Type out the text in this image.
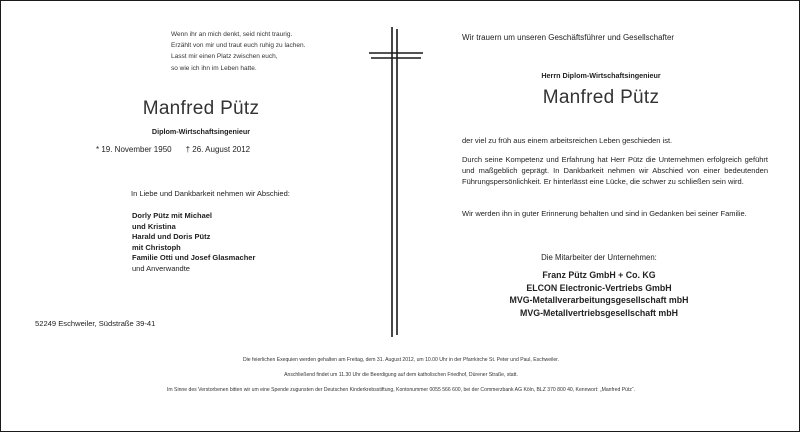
Wenn ihr an mich denkt, seid nicht traurig.
Erzählt von mir und traut euch ruhig zu lachen.
Lasst mir einen Platz zwischen euch,
so wie ich ihn im Leben hatte.
Manfred Pütz
Diplom-Wirtschaftsingenieur
* 19. November 1950 † 26. August 2012
In Liebe und Dankbarkeit nehmen wir Abschied:
Dorly Pütz mit Michael
und Kristina
Harald und Doris Pütz
mit Christoph
Familie Otti und Josef Glasmacher
und Anverwandte
52249 Eschweiler, Südstraße 39-41
Wir trauern um unseren Geschäftsführer und Gesellschafter
Herrn Diplom-Wirtschaftsingenieur
Manfred Pütz
der viel zu früh aus einem arbeitsreichen Leben geschieden ist.
Durch seine Kompetenz und Erfahrung hat Herr Pütz die Unternehmen erfolgreich geführt und maßgeblich geprägt. In Dankbarkeit nehmen wir Abschied von einer bedeutenden Führungspersönlichkeit. Er hinterlässt eine Lücke, die schwer zu schließen sein wird.
Wir werden ihn in guter Erinnerung behalten und sind in Gedanken bei seiner Familie.
Die Mitarbeiter der Unternehmen:
Franz Pütz GmbH + Co. KG
ELCON Electronic-Vertriebs GmbH
MVG-Metallverarbeitungsgesellschaft mbH
MVG-Metallvertriebsgesellschaft mbH
Die feierlichen Exequien werden gehalten am Freitag, dem 31. August 2012, um 10.00 Uhr in der Pfarrkirche St. Peter und Paul, Eschweiler.
Anschließend findet um 11.30 Uhr die Beerdigung auf dem katholischen Friedhof, Dürener Straße, statt.
Im Sinne des Verstorbenen bitten wir um eine Spende zugunsten der Deutschen Kinderkrebsstiftung, Kontonummer 0055 566 600, bei der Commerzbank AG Köln, BLZ 370 800 40, Kennwort: „Manfred Pütz“.
